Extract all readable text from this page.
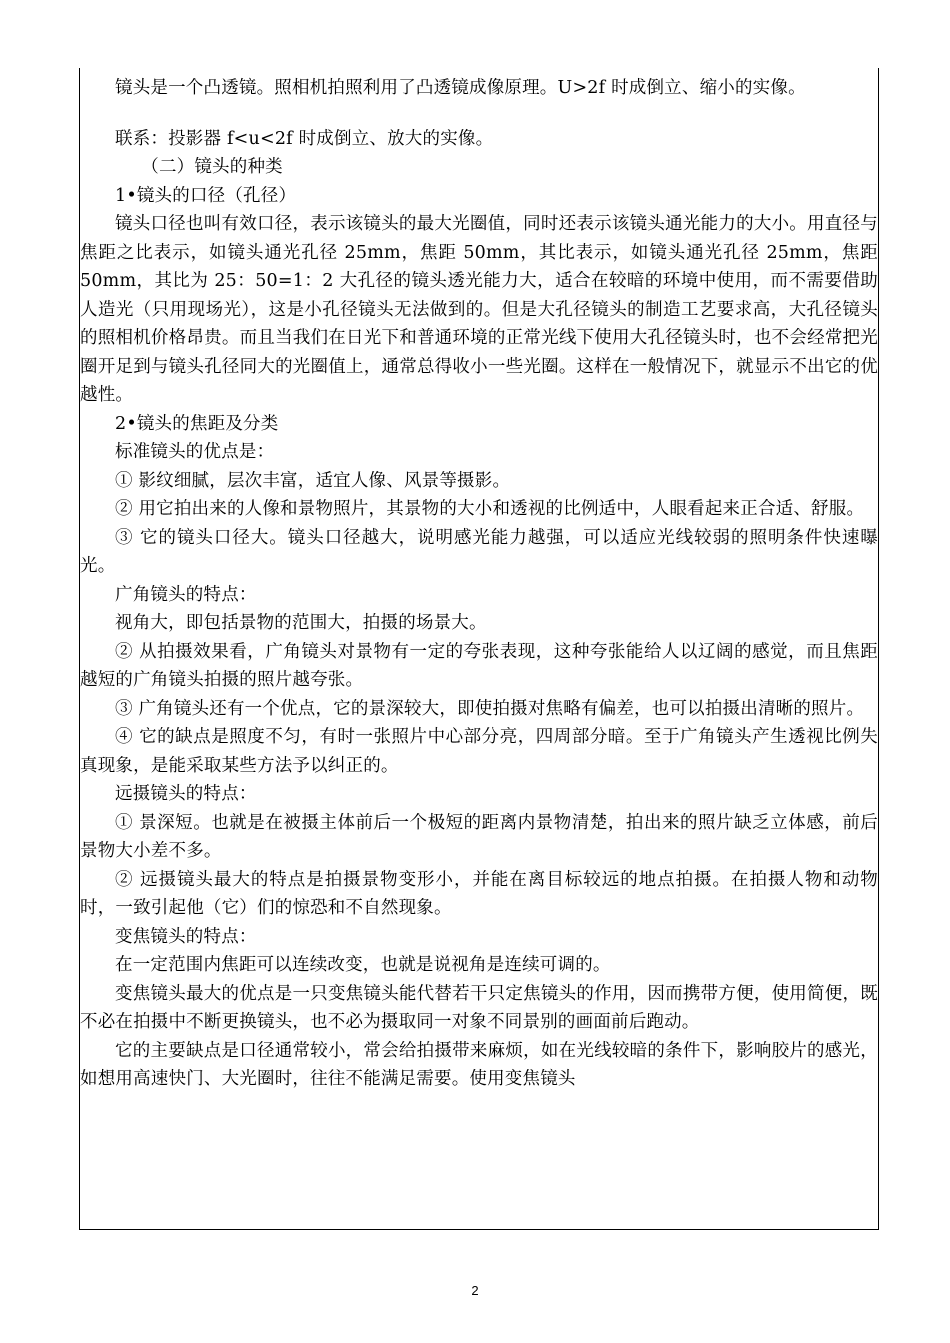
镜头是一个凸透镜。照相机拍照利用了凸透镜成像原理。U>2f 时成倒立、缩小的实像。

联系：投影器 f<u<2f 时成倒立、放大的实像。

（二）镜头的种类

1•镜头的口径（孔径）

镜头口径也叫有效口径，表示该镜头的最大光圈值，同时还表示该镜头通光能力的大小。用直径与焦距之比表示，如镜头通光孔径 25mm，焦距 50mm，其比表示，如镜头通光孔径 25mm，焦距 50mm，其比为 25：50=1：2 大孔径的镜头透光能力大，适合在较暗的环境中使用，而不需要借助人造光（只用现场光），这是小孔径镜头无法做到的。但是大孔径镜头的制造工艺要求高，大孔径镜头的照相机价格昂贵。而且当我们在日光下和普通环境的正常光线下使用大孔径镜头时，也不会经常把光圈开足到与镜头孔径同大的光圈值上，通常总得收小一些光圈。这样在一般情况下，就显示不出它的优越性。

2•镜头的焦距及分类

标准镜头的优点是：

① 影纹细腻，层次丰富，适宜人像、风景等摄影。

② 用它拍出来的人像和景物照片，其景物的大小和透视的比例适中，人眼看起来正合适、舒服。

③ 它的镜头口径大。镜头口径越大，说明感光能力越强，可以适应光线较弱的照明条件快速曝光。

广角镜头的特点：

视角大，即包括景物的范围大，拍摄的场景大。

② 从拍摄效果看，广角镜头对景物有一定的夸张表现，这种夸张能给人以辽阔的感觉，而且焦距越短的广角镜头拍摄的照片越夸张。

③ 广角镜头还有一个优点，它的景深较大，即使拍摄对焦略有偏差，也可以拍摄出清晰的照片。

④ 它的缺点是照度不匀，有时一张照片中心部分亮，四周部分暗。至于广角镜头产生透视比例失真现象，是能采取某些方法予以纠正的。

远摄镜头的特点：

① 景深短。也就是在被摄主体前后一个极短的距离内景物清楚，拍出来的照片缺乏立体感，前后景物大小差不多。

② 远摄镜头最大的特点是拍摄景物变形小，并能在离目标较远的地点拍摄。在拍摄人物和动物时，一致引起他（它）们的惊恐和不自然现象。

变焦镜头的特点：

在一定范围内焦距可以连续改变，也就是说视角是连续可调的。

变焦镜头最大的优点是一只变焦镜头能代替若干只定焦镜头的作用，因而携带方便，使用简便，既不必在拍摄中不断更换镜头，也不必为摄取同一对象不同景别的画面前后跑动。

它的主要缺点是口径通常较小，常会给拍摄带来麻烦，如在光线较暗的条件下，影响胶片的感光，如想用高速快门、大光圈时，往往不能满足需要。使用变焦镜头

2
